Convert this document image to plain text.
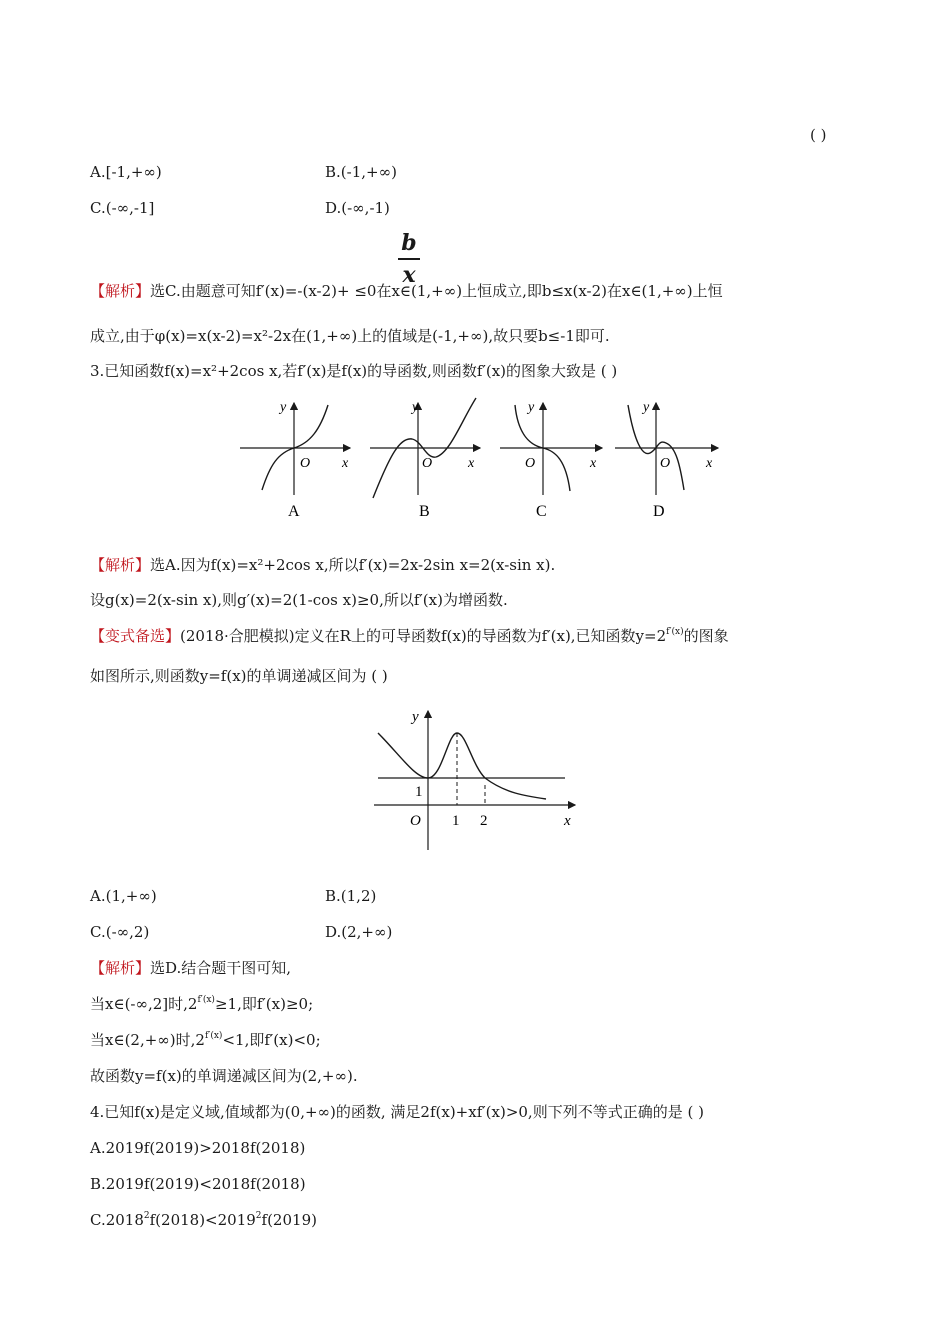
( )
A.[-1,+∞)	B.(-1,+∞)
C.(-∞,-1]	D.(-∞,-1)
b
x
【解析】选C.由题意可知f′(x)=-(x-2)+ ≤0在x∈(1,+∞)上恒成立,即b≤x(x-2)在x∈(1,+∞)上恒
成立,由于φ(x)=x(x-2)=x²-2x在(1,+∞)上的值域是(-1,+∞),故只要b≤-1即可.
3.已知函数f(x)=x²+2cos x,若f′(x)是f(x)的导函数,则函数f′(x)的图象大致是 ( )
y
x
O
A
y
x
O
B
y
x
O
C
y
x
O
D
【解析】选A.因为f(x)=x²+2cos x,所以f′(x)=2x-2sin x=2(x-sin x).
设g(x)=2(x-sin x),则g′(x)=2(1-cos x)≥0,所以f′(x)为增函数.
【变式备选】(2018·合肥模拟)定义在R上的可导函数f(x)的导函数为f′(x),已知函数$y=2^{f'(x)}$的图象
如图所示,则函数y=f(x)的单调递减区间为 ( )
y
x
O
1
1 2
A.(1,+∞)	B.(1,2)
C.(-∞,2)	D.(2,+∞)
【解析】选D.结合题干图可知,
当x∈(-∞,2]时$,2^{f'(x)}\ge 1$,即f′(x)≥0;
当x∈(2,+∞)时$,2^{f'(x)}<1$,即f′(x)<0;
故函数y=f(x)的单调递减区间为(2,+∞).
4.已知f(x)是定义域,值域都为(0,+∞)的函数, 满足2f(x)+xf′(x)>0,则下列不等式正确的是 ( )
A.2019f(2019)>2018f(2018)
B.2019f(2019)<2018f(2018)
$C.2018^2f(2018)<2019^2f(2019)$
